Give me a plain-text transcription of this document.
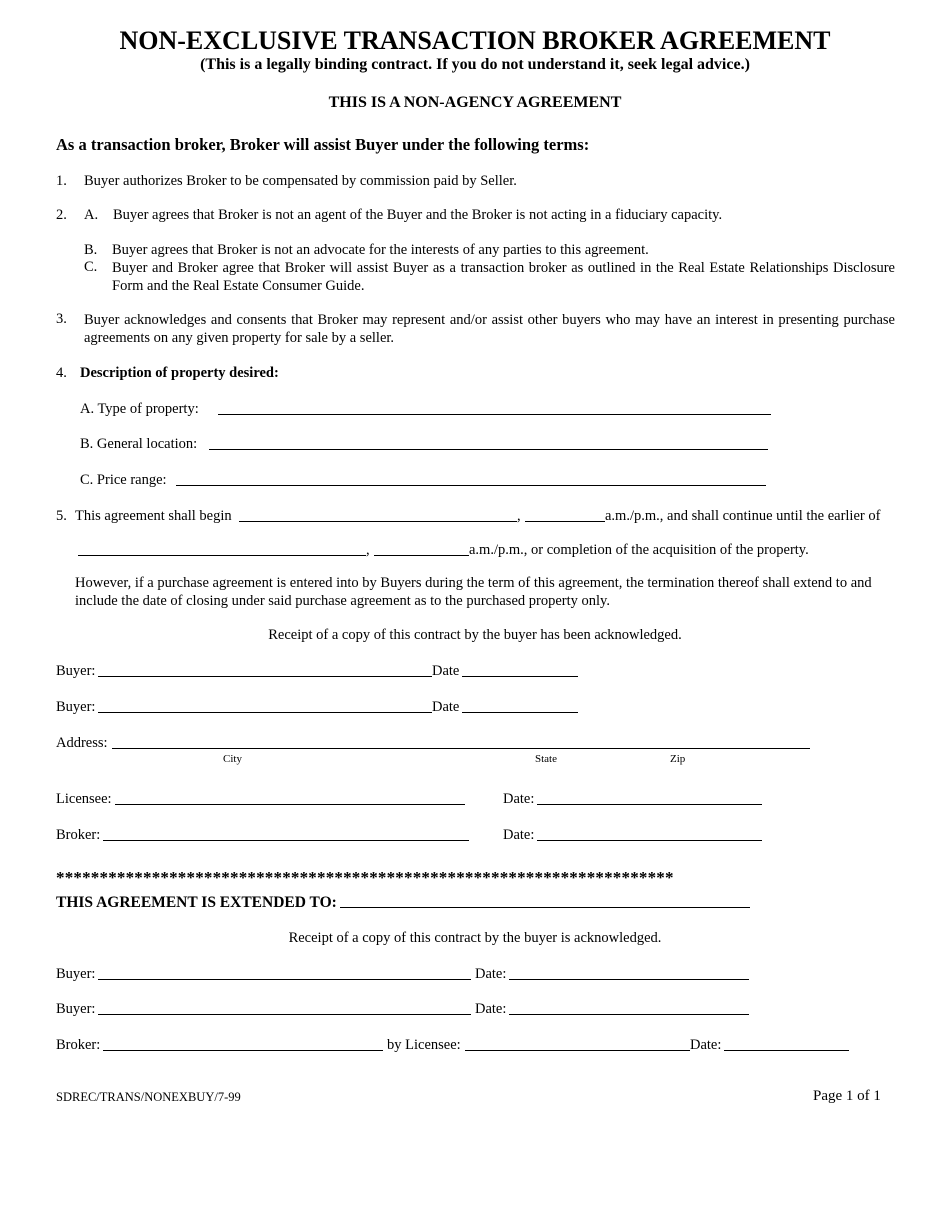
NON-EXCLUSIVE TRANSACTION BROKER AGREEMENT
(This is a legally binding contract. If you do not understand it, seek legal advice.)
THIS IS A NON-AGENCY AGREEMENT
As a transaction broker, Broker will assist Buyer under the following terms:
1. Buyer authorizes Broker to be compensated by commission paid by Seller.
2. A. Buyer agrees that Broker is not an agent of the Buyer and the Broker is not acting in a fiduciary capacity.
B. Buyer agrees that Broker is not an advocate for the interests of any parties to this agreement.
C. Buyer and Broker agree that Broker will assist Buyer as a transaction broker as outlined in the Real Estate Relationships Disclosure Form and the Real Estate Consumer Guide.
3. Buyer acknowledges and consents that Broker may represent and/or assist other buyers who may have an interest in presenting purchase agreements on any given property for sale by a seller.
4. Description of property desired:
A. Type of property:
B. General location:
C. Price range:
5. This agreement shall begin	,	a.m./p.m., and shall continue until the earlier of
,	a.m./p.m., or completion of the acquisition of the property.
However, if a purchase agreement is entered into by Buyers during the term of this agreement, the termination thereof shall extend to and include the date of closing under said purchase agreement as to the purchased property only.
Receipt of a copy of this contract by the buyer has been acknowledged.
Buyer:	Date
Buyer:	Date
Address:
City	State	Zip
Licensee:	Date:
Broker:	Date:
***********************************************************************
THIS AGREEMENT IS EXTENDED TO:
Receipt of a copy of this contract by the buyer is acknowledged.
Buyer:	Date:
Buyer:	Date:
Broker:	by Licensee:	Date:
SDREC/TRANS/NONEXBUY/7-99	Page 1 of 1
